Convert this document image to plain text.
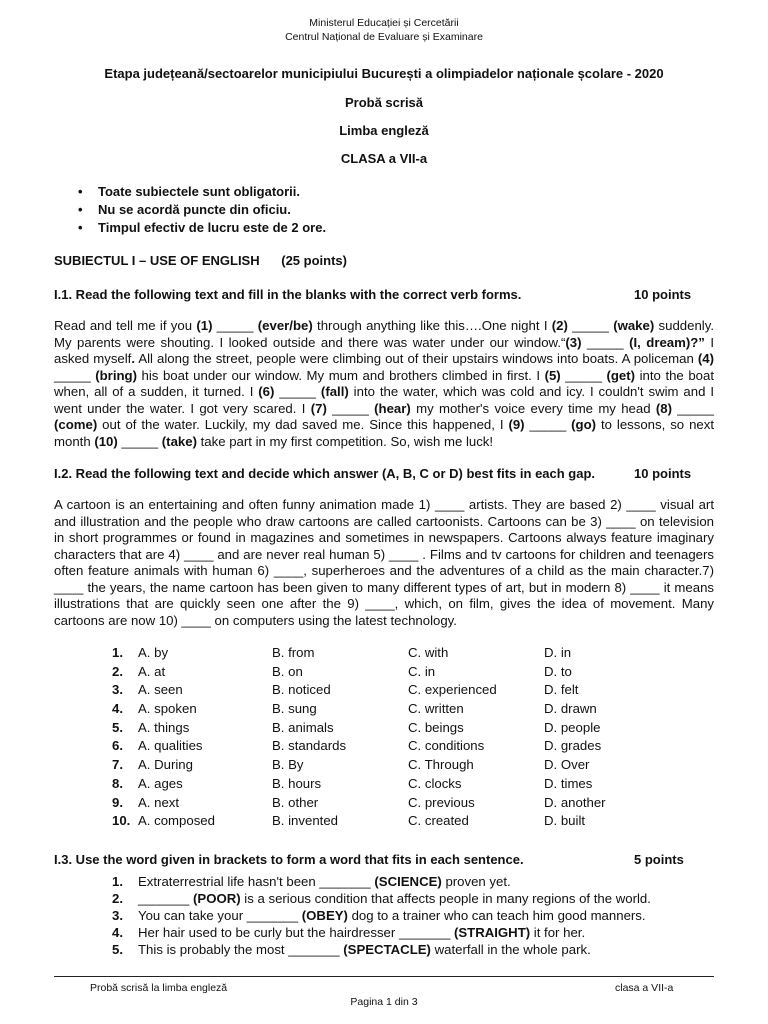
Ministerul Educației și Cercetării
Centrul Național de Evaluare și Examinare
Etapa județeană/sectoarelor municipiului București a olimpiadelor naționale școlare - 2020
Probă scrisă
Limba engleză
CLASA a VII-a
• Toate subiectele sunt obligatorii.
• Nu se acordă puncte din oficiu.
• Timpul efectiv de lucru este de 2 ore.
SUBIECTUL I – USE OF ENGLISH (25 points)
I.1. Read the following text and fill in the blanks with the correct verb forms.	10 points
Read and tell me if you (1) _____ (ever/be) through anything like this….One night I (2) _____ (wake) suddenly. My parents were shouting. I looked outside and there was water under our window.“(3) _____ (I, dream)?” I asked myself. All along the street, people were climbing out of their upstairs windows into boats. A policeman (4) _____ (bring) his boat under our window. My mum and brothers climbed in first. I (5) _____ (get) into the boat when, all of a sudden, it turned. I (6) _____ (fall) into the water, which was cold and icy. I couldn't swim and I went under the water. I got very scared. I (7) _____ (hear) my mother's voice every time my head (8) _____ (come) out of the water. Luckily, my dad saved me. Since this happened, I (9) _____ (go) to lessons, so next month (10) _____ (take) take part in my first competition. So, wish me luck!
I.2. Read the following text and decide which answer (A, B, C or D) best fits in each gap.	10 points
A cartoon is an entertaining and often funny animation made 1) ____ artists. They are based 2) ____ visual art and illustration and the people who draw cartoons are called cartoonists. Cartoons can be 3) ____ on television in short programmes or found in magazines and sometimes in newspapers. Cartoons always feature imaginary characters that are 4) ____ and are never real human 5) ____ . Films and tv cartoons for children and teenagers often feature animals with human 6) ____, superheroes and the adventures of a child as the main character.7) ____ the years, the name cartoon has been given to many different types of art, but in modern 8) ____ it means illustrations that are quickly seen one after the 9) ____, which, on film, gives the idea of movement. Many cartoons are now 10) ____ on computers using the latest technology.
1.	A. by	B. from	C. with	D. in
2.	A. at	B. on	C. in	D. to
3.	A. seen	B. noticed	C. experienced	D. felt
4.	A. spoken	B. sung	C. written	D. drawn
5.	A. things	B. animals	C. beings	D. people
6.	A. qualities	B. standards	C. conditions	D. grades
7.	A. During	B. By	C. Through	D. Over
8.	A. ages	B. hours	C. clocks	D. times
9.	A. next	B. other	C. previous	D. another
10.	A. composed	B. invented	C. created	D. built
I.3. Use the word given in brackets to form a word that fits in each sentence.	5 points
1. Extraterrestrial life hasn't been _______ (SCIENCE) proven yet.
2. _______ (POOR) is a serious condition that affects people in many regions of the world.
3. You can take your _______ (OBEY) dog to a trainer who can teach him good manners.
4. Her hair used to be curly but the hairdresser _______ (STRAIGHT) it for her.
5. This is probably the most _______ (SPECTACLE) waterfall in the whole park.
Probă scrisă la limba engleză	clasa a VII-a
Pagina 1 din 3
